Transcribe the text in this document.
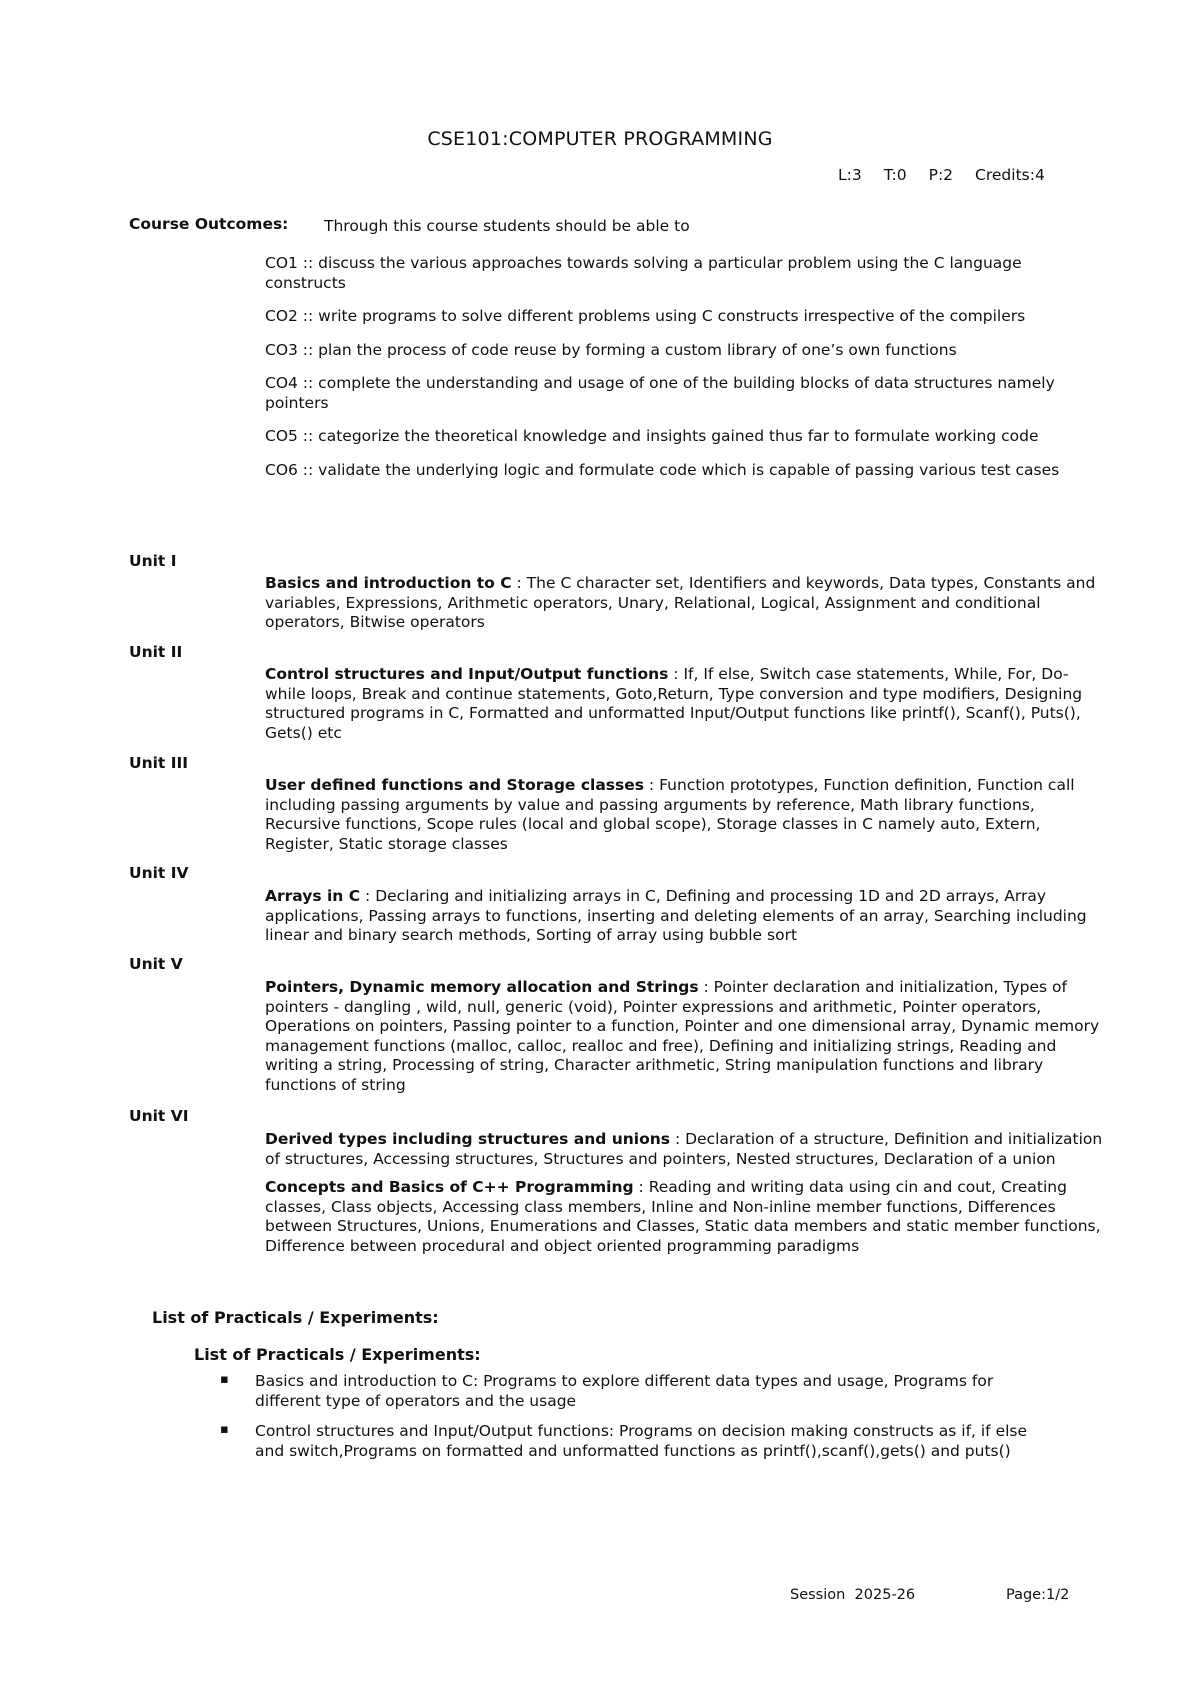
CSE101:COMPUTER PROGRAMMING
L:3 T:0 P:2 Credits:4
Course Outcomes: Through this course students should be able to
CO1 :: discuss the various approaches towards solving a particular problem using the C language constructs
CO2 :: write programs to solve different problems using C constructs irrespective of the compilers
CO3 :: plan the process of code reuse by forming a custom library of one’s own functions
CO4 :: complete the understanding and usage of one of the building blocks of data structures namely pointers
CO5 :: categorize the theoretical knowledge and insights gained thus far to formulate working code
CO6 :: validate the underlying logic and formulate code which is capable of passing various test cases
Unit I

Basics and introduction to C : The C character set, Identifiers and keywords, Data types, Constants and variables, Expressions, Arithmetic operators, Unary, Relational, Logical, Assignment and conditional operators, Bitwise operators

Unit II

Control structures and Input/Output functions : If, If else, Switch case statements, While, For, Do-while loops, Break and continue statements, Goto,Return, Type conversion and type modifiers, Designing structured programs in C, Formatted and unformatted Input/Output functions like printf(), Scanf(), Puts(), Gets() etc

Unit III

User defined functions and Storage classes : Function prototypes, Function definition, Function call including passing arguments by value and passing arguments by reference, Math library functions, Recursive functions, Scope rules (local and global scope), Storage classes in C namely auto, Extern, Register, Static storage classes

Unit IV

Arrays in C : Declaring and initializing arrays in C, Defining and processing 1D and 2D arrays, Array applications, Passing arrays to functions, inserting and deleting elements of an array, Searching including linear and binary search methods, Sorting of array using bubble sort

Unit V

Pointers, Dynamic memory allocation and Strings : Pointer declaration and initialization, Types of pointers - dangling , wild, null, generic (void), Pointer expressions and arithmetic, Pointer operators, Operations on pointers, Passing pointer to a function, Pointer and one dimensional array, Dynamic memory management functions (malloc, calloc, realloc and free), Defining and initializing strings, Reading and writing a string, Processing of string, Character arithmetic, String manipulation functions and library functions of string

Unit VI

Derived types including structures and unions : Declaration of a structure, Definition and initialization of structures, Accessing structures, Structures and pointers, Nested structures, Declaration of a union

Concepts and Basics of C++ Programming : Reading and writing data using cin and cout, Creating classes, Class objects, Accessing class members, Inline and Non-inline member functions, Differences between Structures, Unions, Enumerations and Classes, Static data members and static member functions, Difference between procedural and object oriented programming paradigms

List of Practicals / Experiments:
List of Practicals / Experiments:
▪ Basics and introduction to C: Programs to explore different data types and usage, Programs for different type of operators and the usage
▪ Control structures and Input/Output functions: Programs on decision making constructs as if, if else and switch,Programs on formatted and unformatted functions as printf(),scanf(),gets() and puts()
Session  2025-26	Page:1/2
